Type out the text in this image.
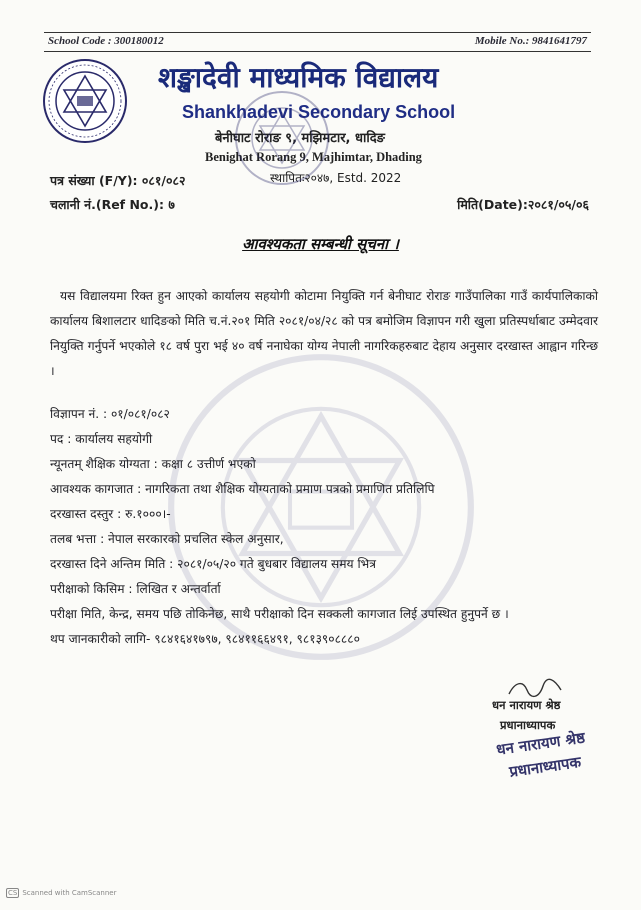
School Code : 300180012	Mobile No.: 9841641797
शङ्खादेवी माध्यमिक विद्यालय
Shankhadevi Secondary School
बेनीघाट रोराङ ९, मझिमटार, धादिङ
Benighat Rorang 9, Majhimtar, Dhading
स्थापितः२०४७, Estd. 2022
पत्र संख्या (F/Y): ०८१/०८२
चलानी नं.(Ref No.): ७	मिति(Date):२०८१/०५/०६
आवश्यकता सम्बन्धी सूचना ।
यस विद्यालयमा रिक्त हुन आएको कार्यालय सहयोगी कोटामा नियुक्ति गर्न बेनीघाट रोराङ गाउँपालिका गाउँ कार्यपालिकाको कार्यालय बिशालटार धादिङको मिति च.नं.२०१ मिति २०८१/०४/२८ को पत्र बमोजिम विज्ञापन गरी खुला प्रतिस्पर्धाबाट उम्मेदवार नियुक्ति गर्नुपर्ने भएकोले १८ वर्ष पुरा भई ४० वर्ष ननाघेका योग्य नेपाली नागरिकहरुबाट देहाय अनुसार दरखास्त आह्वान गरिन्छ ।
विज्ञापन नं. : ०१/०८१/०८२
पद : कार्यालय सहयोगी
न्यूनतम् शैक्षिक योग्यता : कक्षा ८ उत्तीर्ण भएको
आवश्यक कागजात : नागरिकता तथा शैक्षिक योग्यताको प्रमाण पत्रको प्रमाणित प्रतिलिपि
दरखास्त दस्तुर : रु.१०००।-
तलब भत्ता : नेपाल सरकारको प्रचलित स्केल अनुसार,
दरखास्त दिने अन्तिम मिति : २०८१/०५/२० गते बुधबार विद्यालय समय भित्र
परीक्षाको किसिम : लिखित र अन्तर्वार्ता
परीक्षा मिति, केन्द्र, समय पछि तोकिनेछ, साथै परीक्षाको दिन सक्कली कागजात लिई उपस्थित हुनुपर्ने छ ।
थप जानकारीको लागि- ९८४१६४१७९७, ९८४११६६४९१, ९८१३९०८८८०
धन नारायण श्रेष्ठ
प्रधानाध्यापक
धन नारायण श्रेष्ठ
प्रधानाध्यापक
CS Scanned with CamScanner
